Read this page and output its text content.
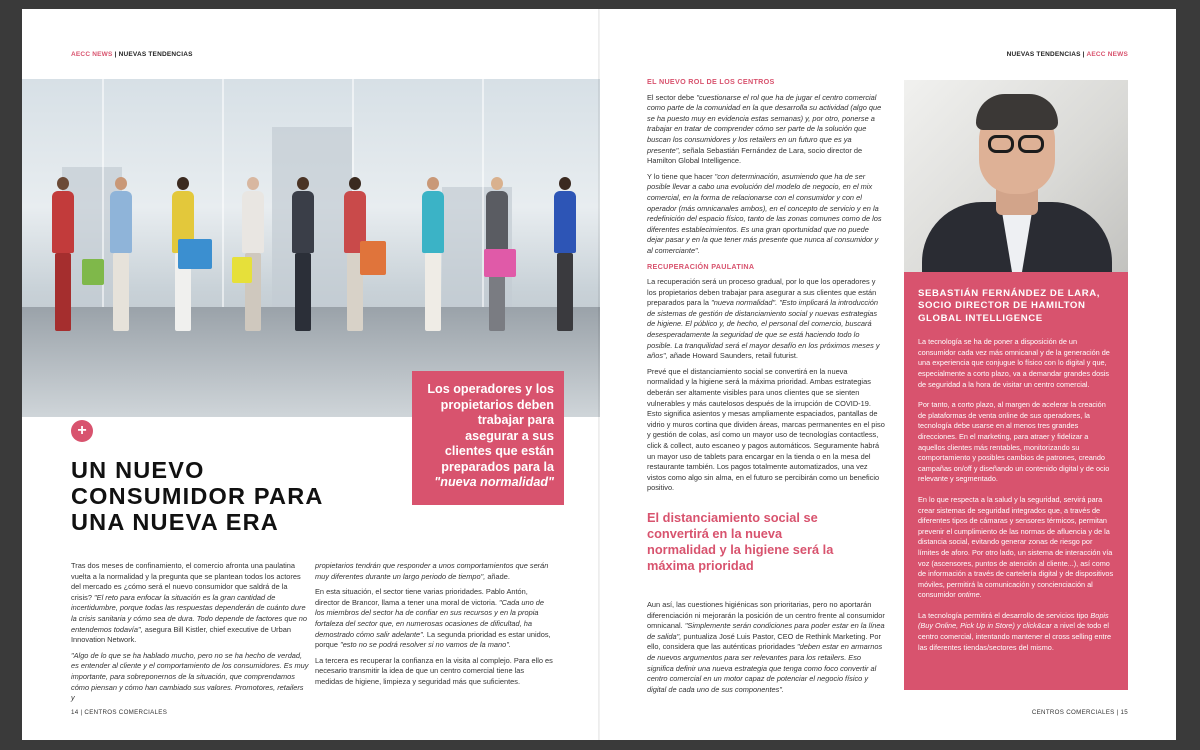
AECC NEWS | NUEVAS TENDENCIAS
+
UN NUEVO CONSUMIDOR PARA UNA NUEVA ERA
Los operadores y los propietarios deben trabajar para asegurar a sus clientes que están preparados para la "nueva normalidad"

Tras dos meses de confinamiento, el comercio afronta una paulatina vuelta a la normalidad y la pregunta que se plantean todos los actores del mercado es ¿cómo será el nuevo consumidor que saldrá de la crisis? "El reto para enfocar la situación es la gran cantidad de incertidumbre, porque todas las respuestas dependerán de cuánto dure la crisis sanitaria y cómo sea de dura. Todo depende de factores que no entendemos todavía", asegura Bill Kistler, chief executive de Urban Innovation Network.

"Algo de lo que se ha hablado mucho, pero no se ha hecho de verdad, es entender al cliente y el comportamiento de los consumidores. Es muy importante, para sobreponernos de la situación, que comprendamos cómo piensan y cómo han cambiado sus valores. Promotores, retailers y

propietarios tendrán que responder a unos comportamientos que serán muy diferentes durante un largo periodo de tiempo", añade.

En esta situación, el sector tiene varias prioridades. Pablo Antón, director de Brancor, llama a tener una moral de victoria. "Cada uno de los miembros del sector ha de confiar en sus recursos y en la propia fortaleza del sector que, en numerosas ocasiones de dificultad, ha demostrado cómo salir adelante". La segunda prioridad es estar unidos, porque "esto no se podrá resolver si no vamos de la mano".

La tercera es recuperar la confianza en la visita al complejo. Para ello es necesario transmitir la idea de que un centro comercial tiene las medidas de higiene, limpieza y seguridad más que suficientes.

14 | CENTROS COMERCIALES
NUEVAS TENDENCIAS | AECC NEWS
EL NUEVO ROL DE LOS CENTROS

El sector debe "cuestionarse el rol que ha de jugar el centro comercial como parte de la comunidad en la que desarrolla su actividad (algo que se ha puesto muy en evidencia estas semanas) y, por otro, ponerse a trabajar en tratar de comprender cómo ser parte de la solución que buscan los consumidores y los retailers en un futuro que es ya presente", señala Sebastián Fernández de Lara, socio director de Hamilton Global Intelligence.

Y lo tiene que hacer "con determinación, asumiendo que ha de ser posible llevar a cabo una evolución del modelo de negocio, en el mix comercial, en la forma de relacionarse con el consumidor y con el operador (más omnicanales ambos), en el concepto de servicio y en la redefinición del espacio físico, tanto de las zonas comunes como de los diferentes establecimientos. Es una gran oportunidad que no puede dejar pasar y en la que tener más presente que nunca al consumidor y al comerciante".

RECUPERACIÓN PAULATINA

La recuperación será un proceso gradual, por lo que los operadores y los propietarios deben trabajar para asegurar a sus clientes que están preparados para la "nueva normalidad". "Esto implicará la introducción de sistemas de gestión de distanciamiento social y nuevas estrategias de higiene. El público y, de hecho, el personal del comercio, buscará desesperadamente la seguridad de que se está haciendo todo lo posible. La tranquilidad será el mayor desafío en los próximos meses y años", añade Howard Saunders, retail futurist.

Prevé que el distanciamiento social se convertirá en la nueva normalidad y la higiene será la máxima prioridad. Ambas estrategias deberán ser altamente visibles para unos clientes que se sienten vulnerables y más cautelosos después de la irrupción de COVID-19. Esto significa asientos y mesas ampliamente espaciados, pantallas de vidrio y muros cortina que dividen áreas, marcas permanentes en el piso y gestión de colas, así como un mayor uso de tecnologías contactless, click & collect, auto escaneo y pagos automáticos. Seguramente habrá un mayor uso de tablets para encargar en la tienda o en la mesa del restaurante también. Los pagos totalmente automatizados, una vez vistos como algo sin alma, en el futuro se percibirán como un beneficio positivo.

El distanciamiento social se convertirá en la nueva normalidad y la higiene será la máxima prioridad

Aun así, las cuestiones higiénicas son prioritarias, pero no aportarán diferenciación ni mejorarán la posición de un centro frente al consumidor omnicanal. "Simplemente serán condiciones para poder estar en la línea de salida", puntualiza José Luis Pastor, CEO de Rethink Marketing. Por ello, considera que las auténticas prioridades "deben estar en armarnos de nuevos argumentos para ser relevantes para los retailers. Eso significa definir una nueva estrategia que tenga como foco convertir al centro comercial en un motor capaz de potenciar el negocio físico y digital de cada uno de sus componentes".

SEBASTIÁN FERNÁNDEZ DE LARA, SOCIO DIRECTOR DE HAMILTON GLOBAL INTELLIGENCE

La tecnología se ha de poner a disposición de un consumidor cada vez más omnicanal y de la generación de una experiencia que conjugue lo físico con lo digital y que, especialmente a corto plazo, va a demandar grandes dosis de seguridad a la hora de visitar un centro comercial.

Por tanto, a corto plazo, al margen de acelerar la creación de plataformas de venta online de sus operadores, la tecnología debe usarse en al menos tres grandes direcciones. En el marketing, para atraer y fidelizar a aquellos clientes más rentables, monitorizando su comportamiento y posibles cambios de patrones, creando campañas on/off y diseñando un contenido digital y de ocio relevante y segmentado.

En lo que respecta a la salud y la seguridad, servirá para crear sistemas de seguridad integrados que, a través de diferentes tipos de cámaras y sensores térmicos, permitan prevenir el cumplimiento de las normas de afluencia y de la distancia social, evitando generar zonas de riesgo por límites de aforo. Por otro lado, un sistema de interacción vía voz (ascensores, puntos de atención al cliente...), así como de información a través de cartelería digital y de dispositivos móviles, permitirá la comunicación y concienciación al consumidor ontime.

La tecnología permitirá el desarrollo de servicios tipo Bopis (Buy Online, Pick Up in Store) y click&car a nivel de todo el centro comercial, intentando mantener el cross selling entre las diferentes tiendas/sectores del mismo.

CENTROS COMERCIALES | 15
